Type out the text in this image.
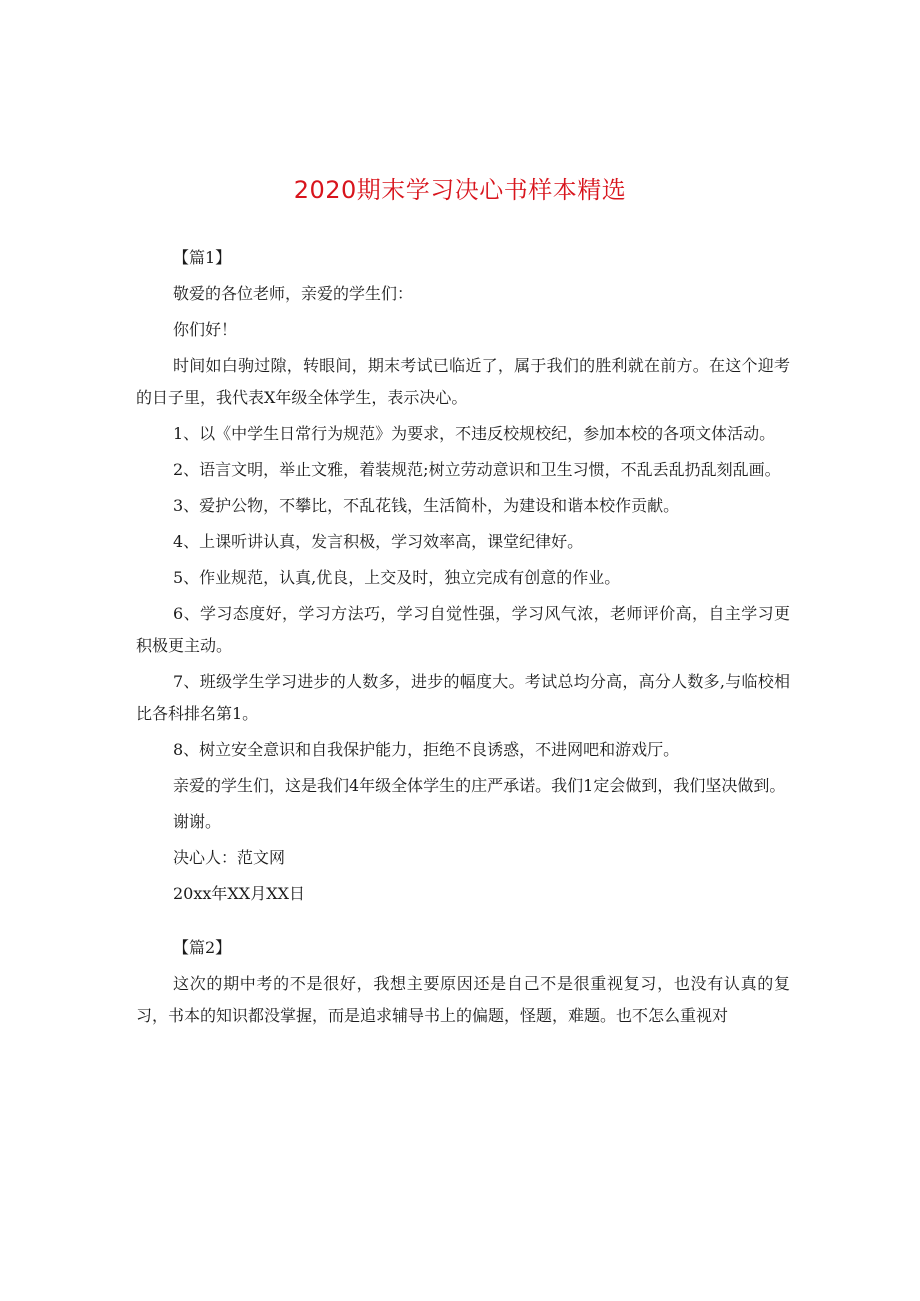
2020期末学习决心书样本精选

【篇1】

敬爱的各位老师，亲爱的学生们：

你们好！

时间如白驹过隙，转眼间，期末考试已临近了，属于我们的胜利就在前方。在这个迎考的日子里，我代表X年级全体学生，表示决心。

1、以《中学生日常行为规范》为要求，不违反校规校纪，参加本校的各项文体活动。

2、语言文明，举止文雅，着装规范;树立劳动意识和卫生习惯，不乱丢乱扔乱刻乱画。

3、爱护公物，不攀比，不乱花钱，生活简朴，为建设和谐本校作贡献。

4、上课听讲认真，发言积极，学习效率高，课堂纪律好。

5、作业规范，认真,优良，上交及时，独立完成有创意的作业。

6、学习态度好，学习方法巧，学习自觉性强，学习风气浓，老师评价高，自主学习更积极更主动。

7、班级学生学习进步的人数多，进步的幅度大。考试总均分高，高分人数多,与临校相比各科排名第1。

8、树立安全意识和自我保护能力，拒绝不良诱惑，不进网吧和游戏厅。

亲爱的学生们，这是我们4年级全体学生的庄严承诺。我们1定会做到，我们坚决做到。

谢谢。

决心人：范文网

20xx年XX月XX日

【篇2】

这次的期中考的不是很好，我想主要原因还是自己不是很重视复习，也没有认真的复习，书本的知识都没掌握，而是追求辅导书上的偏题，怪题，难题。也不怎么重视对
